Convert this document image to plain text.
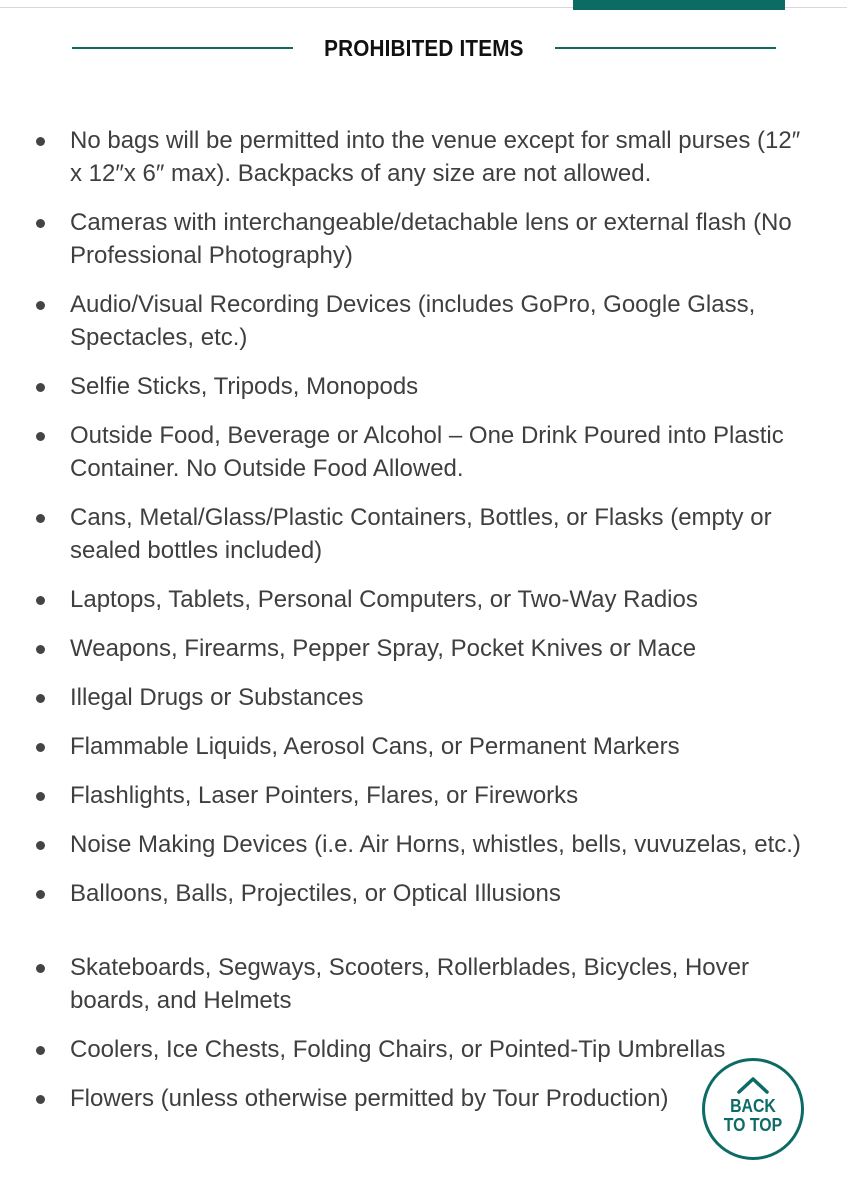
PROHIBITED ITEMS
No bags will be permitted into the venue except for small purses (12″ x 12″x 6″ max). Backpacks of any size are not allowed.
Cameras with interchangeable/detachable lens or external flash (No Professional Photography)
Audio/Visual Recording Devices (includes GoPro, Google Glass, Spectacles, etc.)
Selfie Sticks, Tripods, Monopods
Outside Food, Beverage or Alcohol – One Drink Poured into Plastic Container. No Outside Food Allowed.
Cans, Metal/Glass/Plastic Containers, Bottles, or Flasks (empty or sealed bottles included)
Laptops, Tablets, Personal Computers, or Two-Way Radios
Weapons, Firearms, Pepper Spray, Pocket Knives or Mace
Illegal Drugs or Substances
Flammable Liquids, Aerosol Cans, or Permanent Markers
Flashlights, Laser Pointers, Flares, or Fireworks
Noise Making Devices (i.e. Air Horns, whistles, bells, vuvuzelas, etc.)
Balloons, Balls, Projectiles, or Optical Illusions
Skateboards, Segways, Scooters, Rollerblades, Bicycles, Hover boards, and Helmets
Coolers, Ice Chests, Folding Chairs, or Pointed-Tip Umbrellas
Flowers (unless otherwise permitted by Tour Production)	BACK TO TOP
